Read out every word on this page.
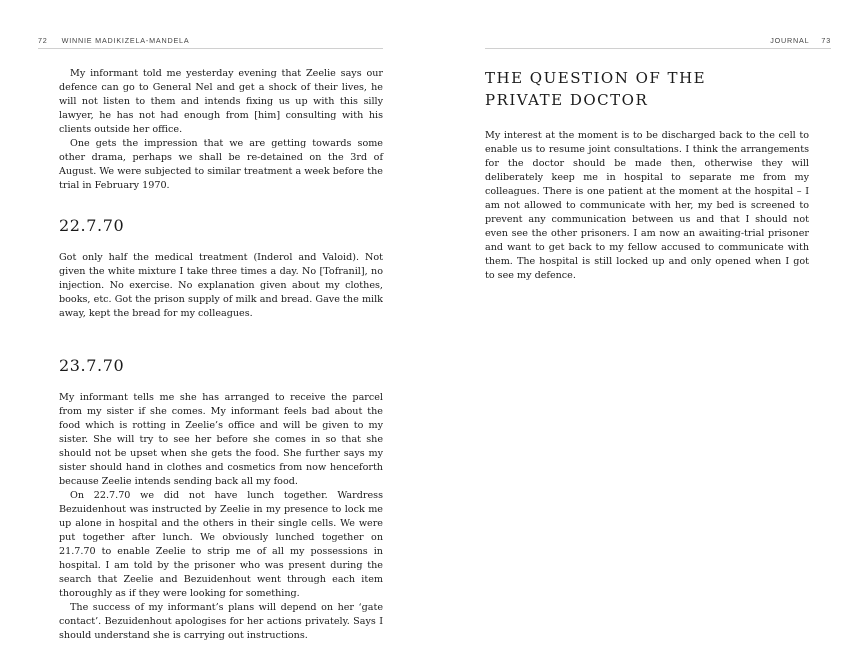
72 WINNIE MADIKIZELA-MANDELA

My informant told me yesterday evening that Zeelie says our defence can go to General Nel and get a shock of their lives, he will not listen to them and intends fixing us up with this silly lawyer, he has not had enough from [him] consulting with his clients outside her office.

One gets the impression that we are getting towards some other drama, perhaps we shall be re-detained on the 3rd of August. We were subjected to similar treatment a week before the trial in February 1970.

22.7.70

Got only half the medical treatment (Inderol and Valoid). Not given the white mixture I take three times a day. No [Tofranil], no injection. No exercise. No explanation given about my clothes, books, etc. Got the prison supply of milk and bread. Gave the milk away, kept the bread for my colleagues.

23.7.70

My informant tells me she has arranged to receive the parcel from my sister if she comes. My informant feels bad about the food which is rotting in Zeelie’s office and will be given to my sister. She will try to see her before she comes in so that she should not be upset when she gets the food. She further says my sister should hand in clothes and cosmetics from now henceforth because Zeelie intends sending back all my food.

On 22.7.70 we did not have lunch together. Wardress Bezuidenhout was instructed by Zeelie in my presence to lock me up alone in hospital and the others in their single cells. We were put together after lunch. We obviously lunched together on 21.7.70 to enable Zeelie to strip me of all my possessions in hospital. I am told by the prisoner who was present during the search that Zeelie and Bezuidenhout went through each item thoroughly as if they were looking for something.

The success of my informant’s plans will depend on her ‘gate contact’. Bezuidenhout apologises for her actions privately. Says I should understand she is carrying out instructions.

JOURNAL 73
THE QUESTION OF THE
PRIVATE DOCTOR

My interest at the moment is to be discharged back to the cell to enable us to resume joint consultations. I think the arrangements for the doctor should be made then, otherwise they will deliberately keep me in hospital to separate me from my colleagues. There is one patient at the moment at the hospital – I am not allowed to communicate with her, my bed is screened to prevent any communication between us and that I should not even see the other prisoners. I am now an awaiting-trial prisoner and want to get back to my fellow accused to communicate with them. The hospital is still locked up and only opened when I got to see my defence.
